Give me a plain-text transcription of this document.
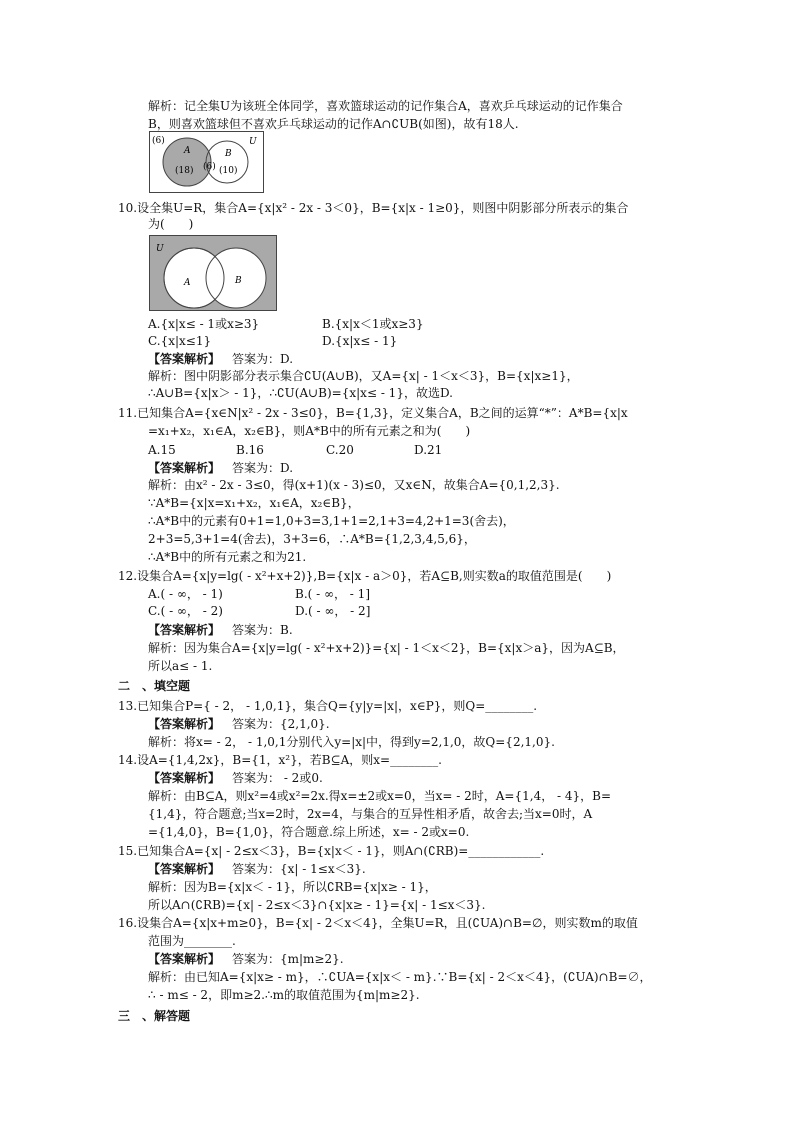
(6)	U
A	B
(18) (6) (10)
U
A	B
解析：记全集U为该班全体同学，喜欢篮球运动的记作集合A，喜欢乒乓球运动的记作集合
B，则喜欢篮球但不喜欢乒乓球运动的记作A∩∁UB(如图)，故有18人.
10.设全集U=R，集合A={x|x² - 2x - 3＜0}，B={x|x - 1≥0}，则图中阴影部分所表示的集合
为(　　)
A.{x|x≤ - 1或x≥3}	B.{x|x＜1或x≥3}
C.{x|x≤1}	D.{x|x≤ - 1}
【答案解析】 答案为：D.
解析：图中阴影部分表示集合∁U(A∪B)，又A={x| - 1＜x＜3}，B={x|x≥1}，
∴A∪B={x|x＞ - 1}，∴∁U(A∪B)={x|x≤ - 1}，故选D.
11.已知集合A={x∈N|x² - 2x - 3≤0}，B={1,3}，定义集合A，B之间的运算“*”：A*B={x|x
=x₁+x₂，x₁∈A，x₂∈B}，则A*B中的所有元素之和为(　　)
A.15	B.16	C.20	D.21
【答案解析】 答案为：D.
解析：由x² - 2x - 3≤0，得(x+1)(x - 3)≤0，又x∈N，故集合A={0,1,2,3}.
∵A*B={x|x=x₁+x₂，x₁∈A，x₂∈B}，
∴A*B中的元素有0+1=1,0+3=3,1+1=2,1+3=4,2+1=3(舍去)，
2+3=5,3+1=4(舍去)，3+3=6，∴A*B={1,2,3,4,5,6}，
∴A*B中的所有元素之和为21.
12.设集合A={x|y=lg( - x²+x+2)},B={x|x - a＞0}，若A⊆B,则实数a的取值范围是(　　)
A.( - ∞， - 1)	B.( - ∞， - 1]
C.( - ∞， - 2)	D.( - ∞， - 2]
【答案解析】 答案为：B.
解析：因为集合A={x|y=lg( - x²+x+2)}={x| - 1＜x＜2}，B={x|x＞a}，因为A⊆B，
所以a≤ - 1.
二　、填空题
13.已知集合P={ - 2， - 1,0,1}，集合Q={y|y=|x|，x∈P}，则Q=________.
【答案解析】 答案为：{2,1,0}.
解析：将x= - 2， - 1,0,1分别代入y=|x|中，得到y=2,1,0，故Q={2,1,0}.
14.设A={1,4,2x}，B={1，x²}，若B⊆A，则x=________.
【答案解析】 答案为： - 2或0.
解析：由B⊆A，则x²=4或x²=2x.得x=±2或x=0，当x= - 2时，A={1,4， - 4}，B=
{1,4}，符合题意;当x=2时，2x=4，与集合的互异性相矛盾，故舍去;当x=0时，A
={1,4,0}，B={1,0}，符合题意.综上所述，x= - 2或x=0.
15.已知集合A={x| - 2≤x＜3}，B={x|x＜ - 1}，则A∩(∁RB)=____________.
【答案解析】 答案为：{x| - 1≤x＜3}.
解析：因为B={x|x＜ - 1}，所以∁RB={x|x≥ - 1}，
所以A∩(∁RB)={x| - 2≤x＜3}∩{x|x≥ - 1}={x| - 1≤x＜3}.
16.设集合A={x|x+m≥0}，B={x| - 2＜x＜4}，全集U=R，且(∁UA)∩B=∅，则实数m的取值
范围为________.
【答案解析】 答案为：{m|m≥2}.
解析：由已知A={x|x≥ - m}，∴∁UA={x|x＜ - m}.∵B={x| - 2＜x＜4}，(∁UA)∩B=∅，
∴ - m≤ - 2，即m≥2.∴m的取值范围为{m|m≥2}.
三　、解答题
